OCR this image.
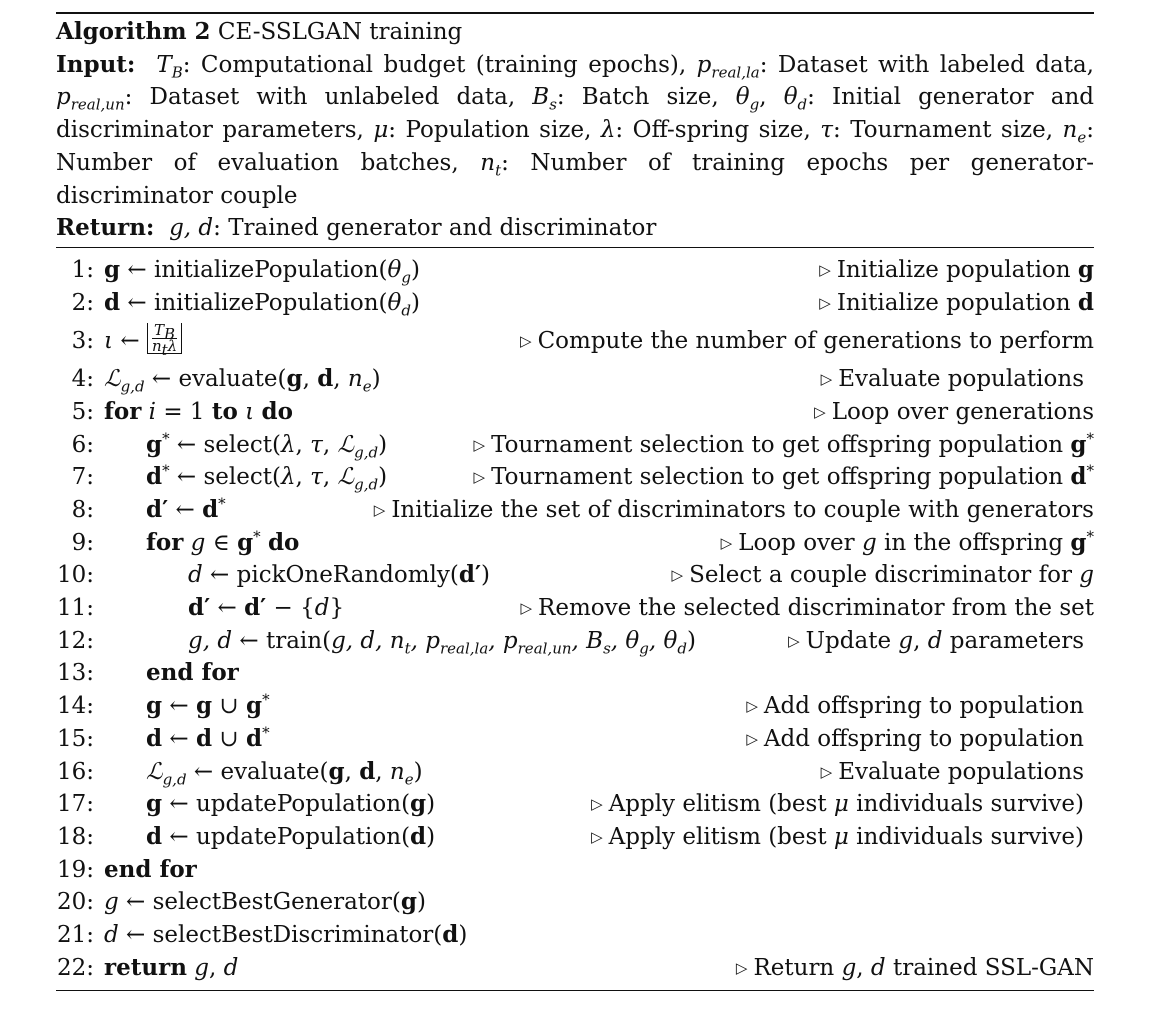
Algorithm 2 CE-SSLGAN training
Input: $T_B$: Computational budget (training epochs), $p_{real,la}$: Dataset with labeled data, $p_{real,un}$: Dataset with unlabeled data, $B_s$: Batch size, $\theta_g$, $\theta_d$: Initial generator and discriminator parameters, μ: Population size, λ: Off-spring size, τ: Tournament size, $n_e$: Number of evaluation batches, $n_t$: Number of training epochs per generator-discriminator couple
Return: g, d: Trained generator and discriminator
1: g ← $initializePopulation(\theta_g)$	▷ Initialize population g
2: d ← $initializePopulation(\theta_d)$	▷ Initialize population d
3: ι ← $\frac{T_B}{n_t\lambda}$	▷ Compute the number of generations to perform
4: ℒ$_{g,d}$ ← evaluate(g, d, $n_e$)	▷ Evaluate populations
5: for i = 1 to ι do	▷ Loop over generations
6: g* ← select(λ, τ, ℒ$_{g,d}$)	▷ Tournament selection to get offspring population g*
7: d* ← select(λ, τ, ℒ$_{g,d}$)	▷ Tournament selection to get offspring population d*
8: d′ ← d*	▷ Initialize the set of discriminators to couple with generators
9: for g ∈ g* do	▷ Loop over g in the offspring g*
10:	d ← pickOneRandomly(d′)	▷ Select a couple discriminator for g
11:	d′ ← d′ − {d}	▷ Remove the selected discriminator from the set
12:	g, d ← train(g, d, $n_t$, $p_{real,la}$, $p_{real,un}$, $B_s$, $\theta_g$, $\theta_d$)	▷ Update g, d parameters
13: end for
14: g ← g ∪ g*	▷ Add offspring to population
15: d ← d ∪ d*	▷ Add offspring to population
16: ℒ$_{g,d}$ ← evaluate(g, d, $n_e$)	▷ Evaluate populations
17: g ← updatePopulation(g)	▷ Apply elitism (best μ individuals survive)
18: d ← updatePopulation(d)	▷ Apply elitism (best μ individuals survive)
19: end for
20: g ← selectBestGenerator(g)
21: d ← selectBestDiscriminator(d)
22: return g, d	▷ Return g, d trained SSL-GAN
